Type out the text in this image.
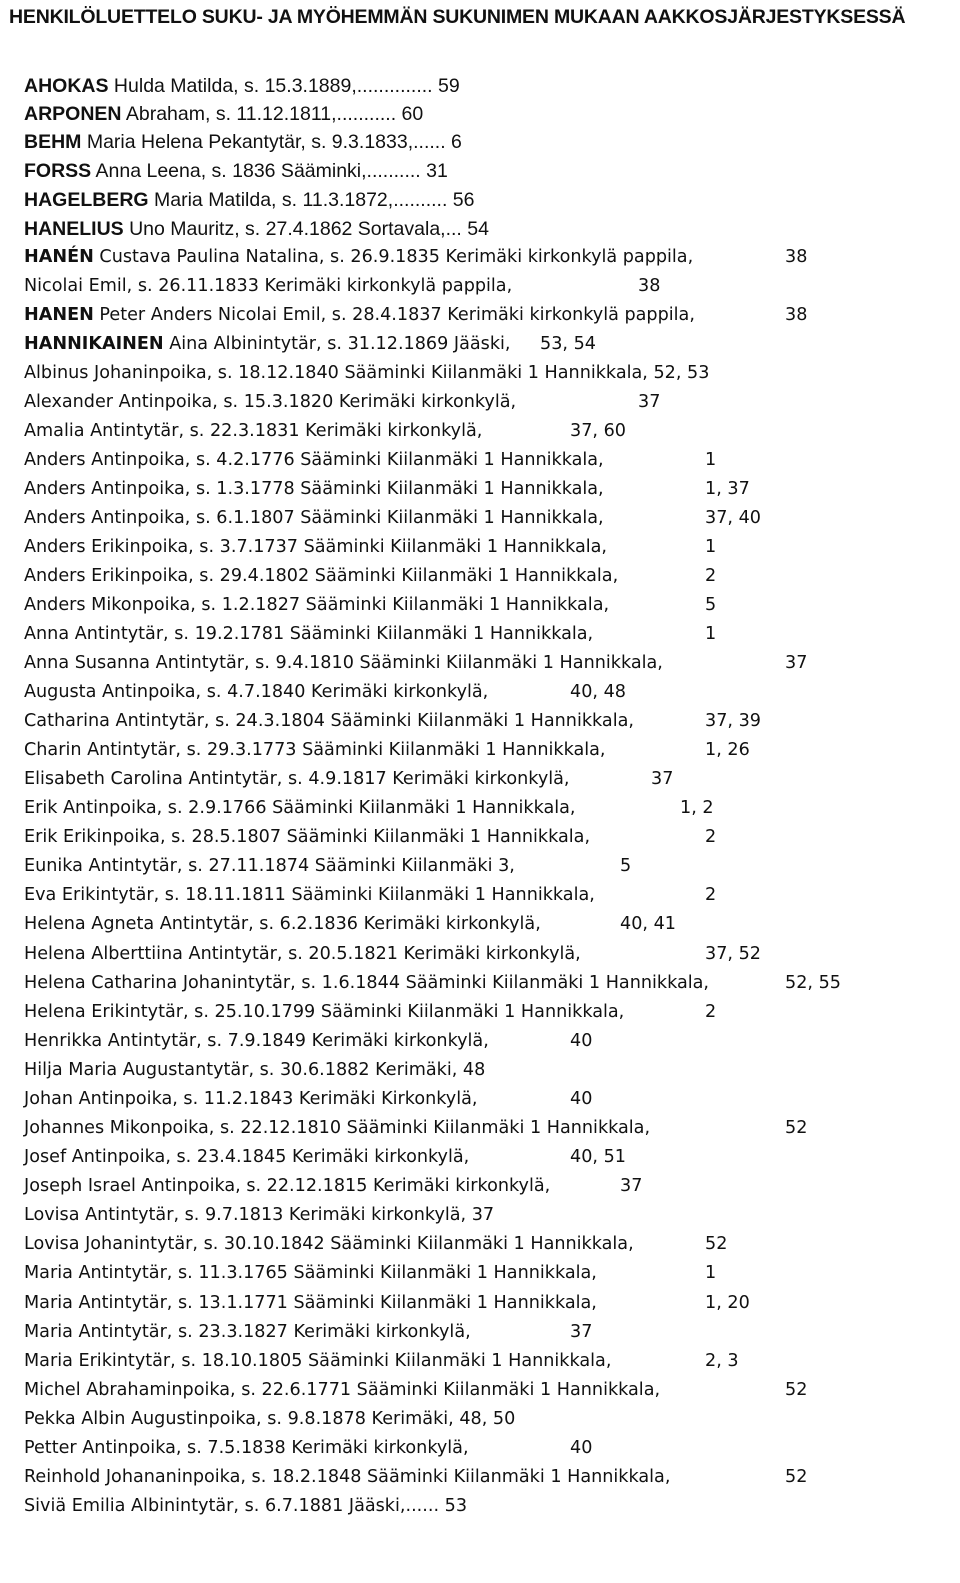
HENKILÖLUETTELO SUKU- JA MYÖHEMMÄN SUKUNIMEN MUKAAN AAKKOSJÄRJESTYKSESSÄ
AHOKAS Hulda Matilda, s. 15.3.1889,.............. 59
ARPONEN Abraham, s. 11.12.1811,........... 60
BEHM Maria Helena Pekantytär, s. 9.3.1833,...... 6
FORSS Anna Leena, s. 1836 Sääminki,.......... 31
HAGELBERG Maria Matilda, s. 11.3.1872,.......... 56
HANELIUS Uno Mauritz, s. 27.4.1862 Sortavala,... 54
HANÉN Custava Paulina Natalina, s. 26.9.1835 Kerimäki kirkonkylä pappila,	38
Nicolai Emil, s. 26.11.1833 Kerimäki kirkonkylä pappila,	38
HANEN Peter Anders Nicolai Emil, s. 28.4.1837 Kerimäki kirkonkylä pappila,	38
HANNIKAINEN Aina Albinintytär, s. 31.12.1869 Jääski, 53, 54
Albinus Johaninpoika, s. 18.12.1840 Sääminki Kiilanmäki 1 Hannikkala, 52, 53
Alexander Antinpoika, s. 15.3.1820 Kerimäki kirkonkylä,	37
Amalia Antintytär, s. 22.3.1831 Kerimäki kirkonkylä,	37, 60
Anders Antinpoika, s. 4.2.1776 Sääminki Kiilanmäki 1 Hannikkala,	1
Anders Antinpoika, s. 1.3.1778 Sääminki Kiilanmäki 1 Hannikkala,	1, 37
Anders Antinpoika, s. 6.1.1807 Sääminki Kiilanmäki 1 Hannikkala,	37, 40
Anders Erikinpoika, s. 3.7.1737 Sääminki Kiilanmäki 1 Hannikkala,	1
Anders Erikinpoika, s. 29.4.1802 Sääminki Kiilanmäki 1 Hannikkala,	2
Anders Mikonpoika, s. 1.2.1827 Sääminki Kiilanmäki 1 Hannikkala,	5
Anna Antintytär, s. 19.2.1781 Sääminki Kiilanmäki 1 Hannikkala,	1
Anna Susanna Antintytär, s. 9.4.1810 Sääminki Kiilanmäki 1 Hannikkala,	37
Augusta Antinpoika, s. 4.7.1840 Kerimäki kirkonkylä,	40, 48
Catharina Antintytär, s. 24.3.1804 Sääminki Kiilanmäki 1 Hannikkala,	37, 39
Charin Antintytär, s. 29.3.1773 Sääminki Kiilanmäki 1 Hannikkala,	1, 26
Elisabeth Carolina Antintytär, s. 4.9.1817 Kerimäki kirkonkylä,	37
Erik Antinpoika, s. 2.9.1766 Sääminki Kiilanmäki 1 Hannikkala,	1, 2
Erik Erikinpoika, s. 28.5.1807 Sääminki Kiilanmäki 1 Hannikkala,	2
Eunika Antintytär, s. 27.11.1874 Sääminki Kiilanmäki 3,	5
Eva Erikintytär, s. 18.11.1811 Sääminki Kiilanmäki 1 Hannikkala,	2
Helena Agneta Antintytär, s. 6.2.1836 Kerimäki kirkonkylä,	40, 41
Helena Alberttiina Antintytär, s. 20.5.1821 Kerimäki kirkonkylä,	37, 52
Helena Catharina Johanintytär, s. 1.6.1844 Sääminki Kiilanmäki 1 Hannikkala,	52, 55
Helena Erikintytär, s. 25.10.1799 Sääminki Kiilanmäki 1 Hannikkala,	2
Henrikka Antintytär, s. 7.9.1849 Kerimäki kirkonkylä,	40
Hilja Maria Augustantytär, s. 30.6.1882 Kerimäki, 48
Johan Antinpoika, s. 11.2.1843 Kerimäki Kirkonkylä,	40
Johannes Mikonpoika, s. 22.12.1810 Sääminki Kiilanmäki 1 Hannikkala,	52
Josef Antinpoika, s. 23.4.1845 Kerimäki kirkonkylä,	40, 51
Joseph Israel Antinpoika, s. 22.12.1815 Kerimäki kirkonkylä,	37
Lovisa Antintytär, s. 9.7.1813 Kerimäki kirkonkylä, 37
Lovisa Johanintytär, s. 30.10.1842 Sääminki Kiilanmäki 1 Hannikkala,	52
Maria Antintytär, s. 11.3.1765 Sääminki Kiilanmäki 1 Hannikkala,	1
Maria Antintytär, s. 13.1.1771 Sääminki Kiilanmäki 1 Hannikkala,	1, 20
Maria Antintytär, s. 23.3.1827 Kerimäki kirkonkylä,	37
Maria Erikintytär, s. 18.10.1805 Sääminki Kiilanmäki 1 Hannikkala,	2, 3
Michel Abrahaminpoika, s. 22.6.1771 Sääminki Kiilanmäki 1 Hannikkala,	52
Pekka Albin Augustinpoika, s. 9.8.1878 Kerimäki, 48, 50
Petter Antinpoika, s. 7.5.1838 Kerimäki kirkonkylä,	40
Reinhold Johananinpoika, s. 18.2.1848 Sääminki Kiilanmäki 1 Hannikkala,	52
Siviä Emilia Albinintytär, s. 6.7.1881 Jääski,...... 53
